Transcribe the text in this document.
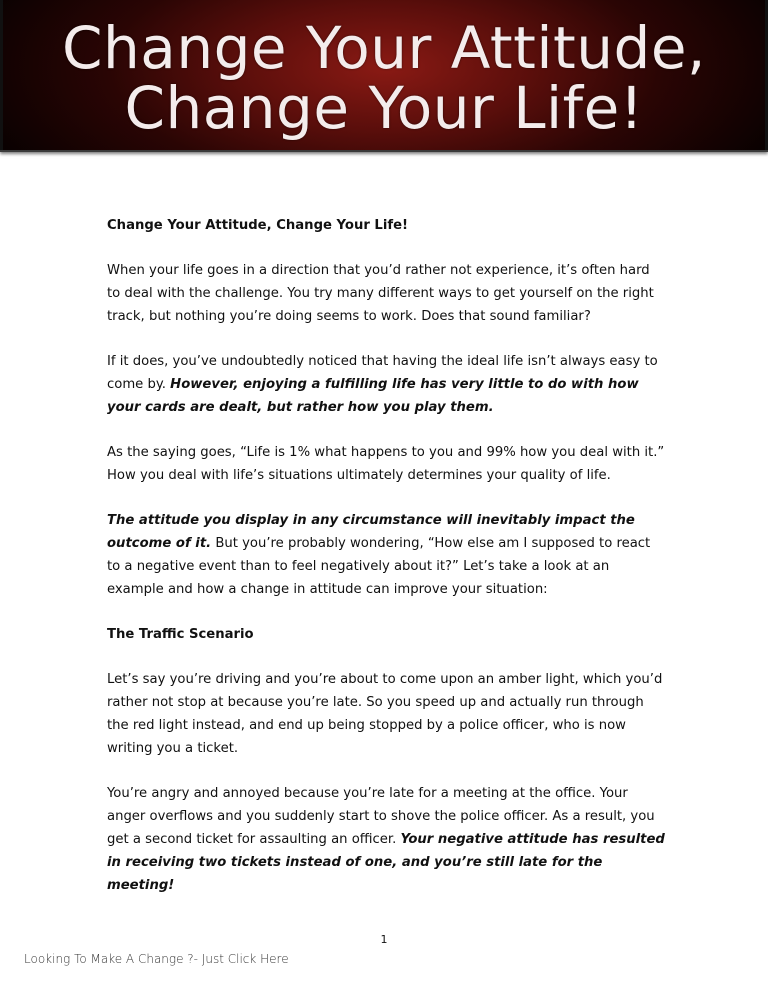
Change Your Attitude,
Change Your Life!

Change Your Attitude, Change Your Life!

When your life goes in a direction that you’d rather not experience, it’s often hard to deal with the challenge. You try many different ways to get yourself on the right track, but nothing you’re doing seems to work. Does that sound familiar?

If it does, you’ve undoubtedly noticed that having the ideal life isn’t always easy to come by. However, enjoying a fulfilling life has very little to do with how your cards are dealt, but rather how you play them.

As the saying goes, “Life is 1% what happens to you and 99% how you deal with it.” How you deal with life’s situations ultimately determines your quality of life.

The attitude you display in any circumstance will inevitably impact the outcome of it. But you’re probably wondering, “How else am I supposed to react to a negative event than to feel negatively about it?” Let’s take a look at an example and how a change in attitude can improve your situation:

The Traffic Scenario

Let’s say you’re driving and you’re about to come upon an amber light, which you’d rather not stop at because you’re late. So you speed up and actually run through the red light instead, and end up being stopped by a police officer, who is now writing you a ticket.

You’re angry and annoyed because you’re late for a meeting at the office. Your anger overflows and you suddenly start to shove the police officer. As a result, you get a second ticket for assaulting an officer. Your negative attitude has resulted in receiving two tickets instead of one, and you’re still late for the meeting!

1
Looking To Make A Change ?- Just Click Here
